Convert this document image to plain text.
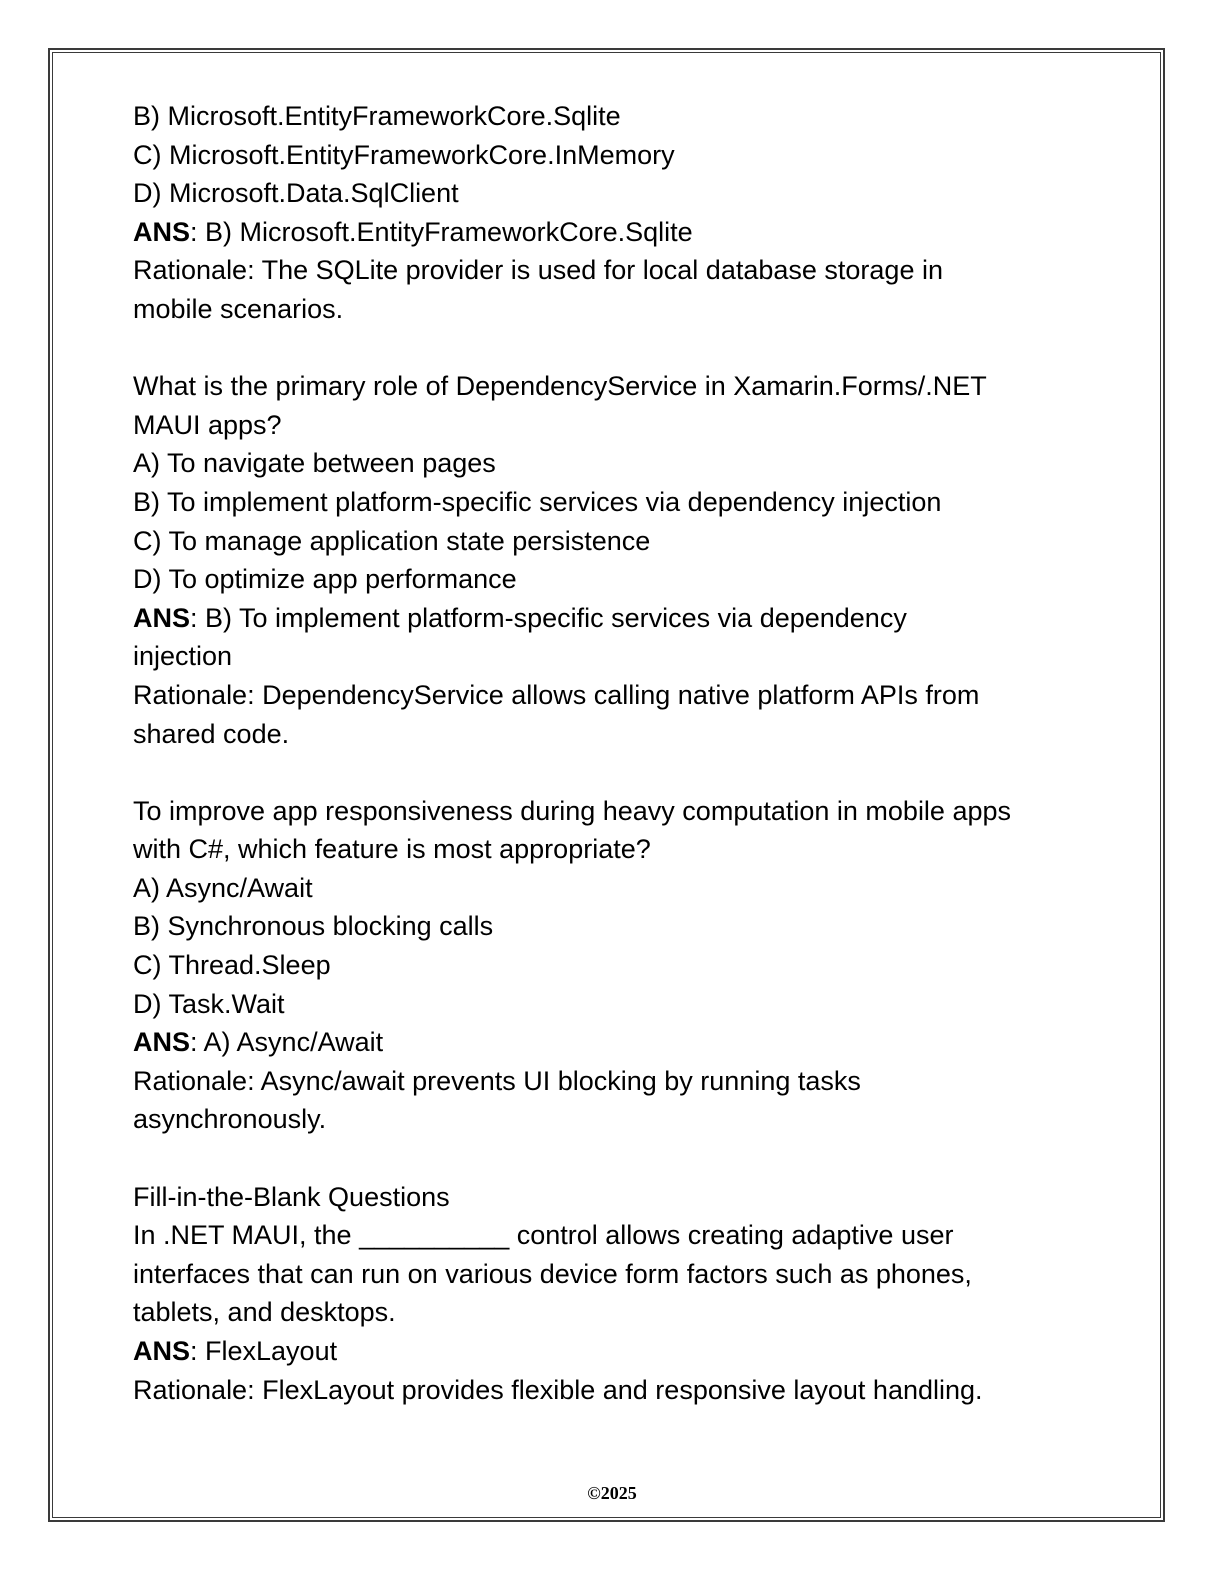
B) Microsoft.EntityFrameworkCore.Sqlite
C) Microsoft.EntityFrameworkCore.InMemory
D) Microsoft.Data.SqlClient
ANS: B) Microsoft.EntityFrameworkCore.Sqlite
Rationale: The SQLite provider is used for local database storage in
mobile scenarios.
What is the primary role of DependencyService in Xamarin.Forms/.NET
MAUI apps?
A) To navigate between pages
B) To implement platform-specific services via dependency injection
C) To manage application state persistence
D) To optimize app performance
ANS: B) To implement platform-specific services via dependency
injection
Rationale: DependencyService allows calling native platform APIs from
shared code.
To improve app responsiveness during heavy computation in mobile apps
with C#, which feature is most appropriate?
A) Async/Await
B) Synchronous blocking calls
C) Thread.Sleep
D) Task.Wait
ANS: A) Async/Await
Rationale: Async/await prevents UI blocking by running tasks
asynchronously.
Fill-in-the-Blank Questions
In .NET MAUI, the __________ control allows creating adaptive user
interfaces that can run on various device form factors such as phones,
tablets, and desktops.
ANS: FlexLayout
Rationale: FlexLayout provides flexible and responsive layout handling.
©2025
